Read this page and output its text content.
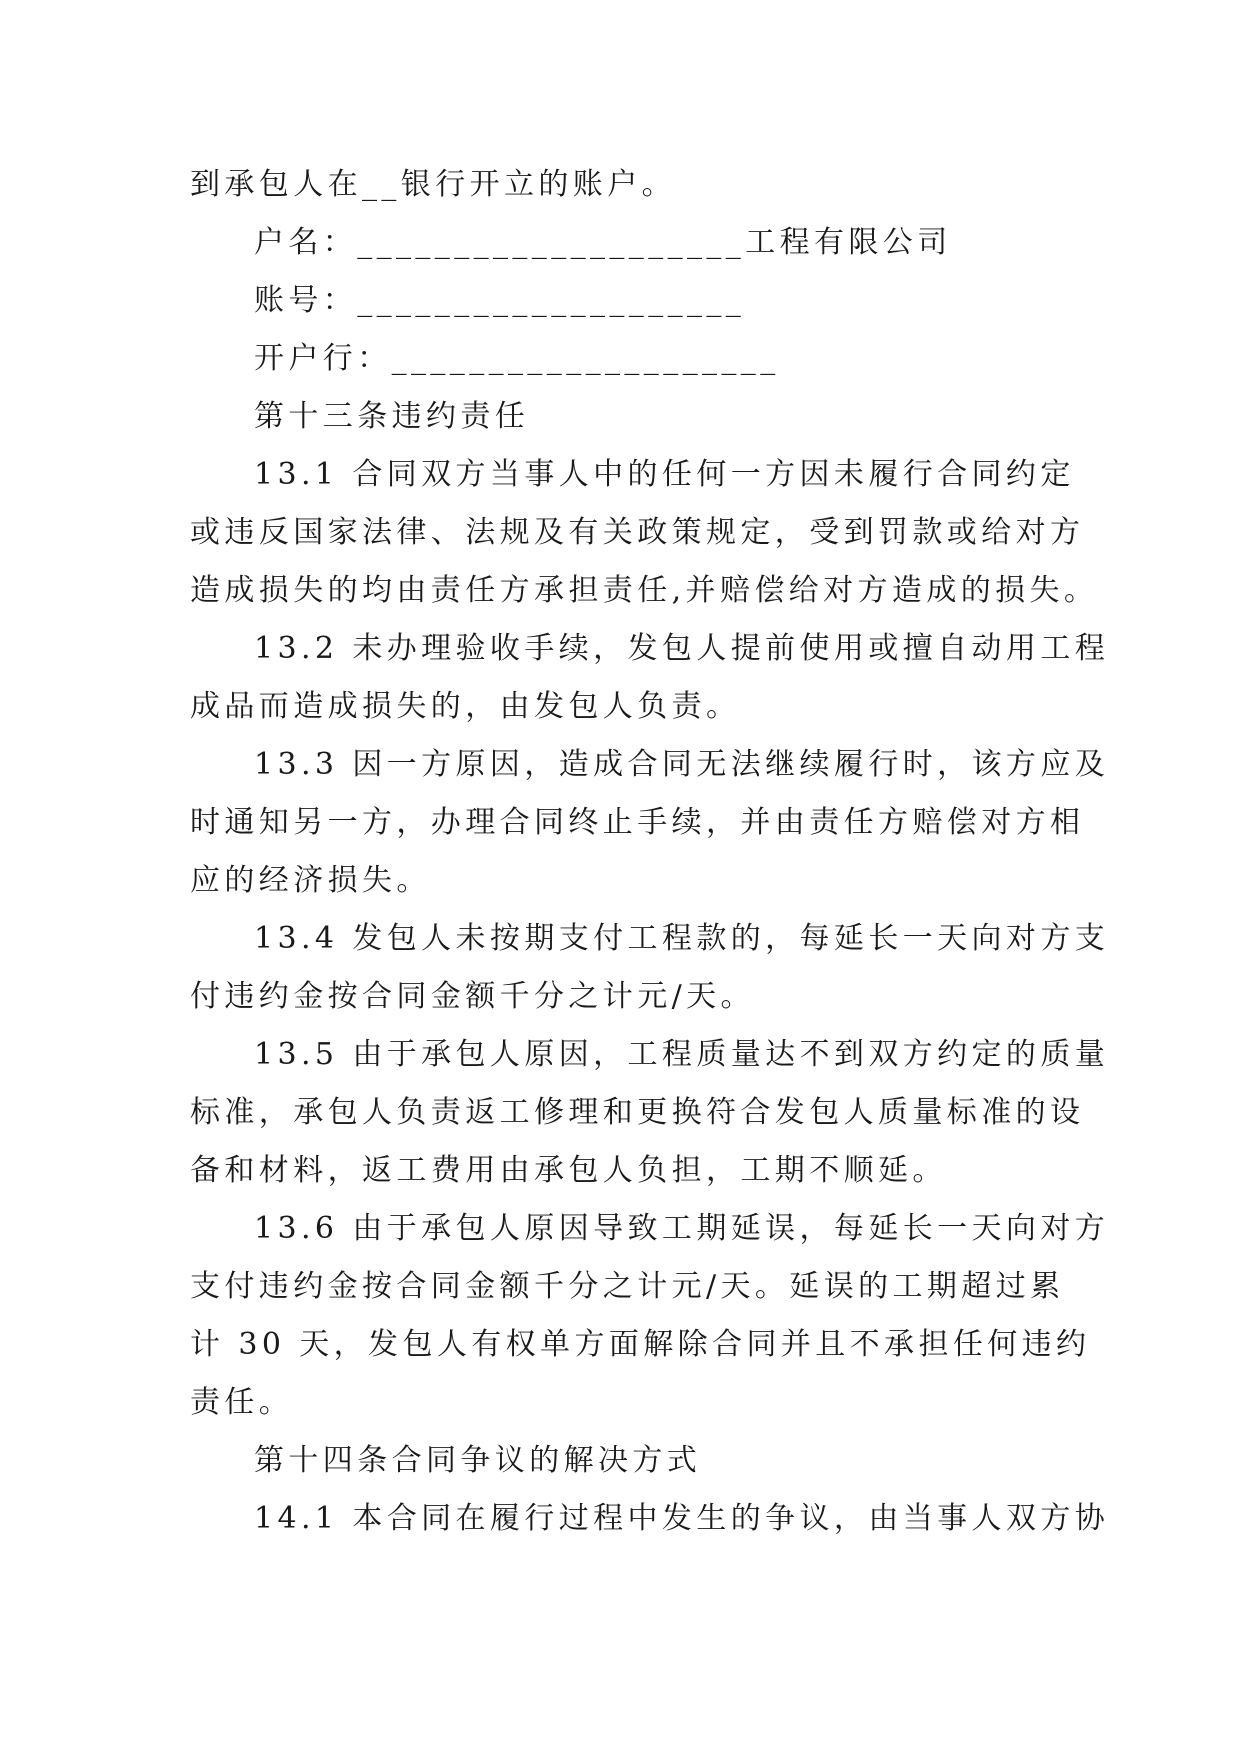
到承包人在__银行开立的账户。
户名：____________________工程有限公司
账号：____________________
开户行：____________________
第十三条违约责任
13.1 合同双方当事人中的任何一方因未履行合同约定
或违反国家法律、法规及有关政策规定，受到罚款或给对方
造成损失的均由责任方承担责任,并赔偿给对方造成的损失。
13.2 未办理验收手续，发包人提前使用或擅自动用工程
成品而造成损失的，由发包人负责。
13.3 因一方原因，造成合同无法继续履行时，该方应及
时通知另一方，办理合同终止手续，并由责任方赔偿对方相
应的经济损失。
13.4 发包人未按期支付工程款的，每延长一天向对方支
付违约金按合同金额千分之计元/天。
13.5 由于承包人原因，工程质量达不到双方约定的质量
标准，承包人负责返工修理和更换符合发包人质量标准的设
备和材料，返工费用由承包人负担，工期不顺延。
13.6 由于承包人原因导致工期延误，每延长一天向对方
支付违约金按合同金额千分之计元/天。延误的工期超过累
计 30 天，发包人有权单方面解除合同并且不承担任何违约
责任。
第十四条合同争议的解决方式
14.1 本合同在履行过程中发生的争议，由当事人双方协
